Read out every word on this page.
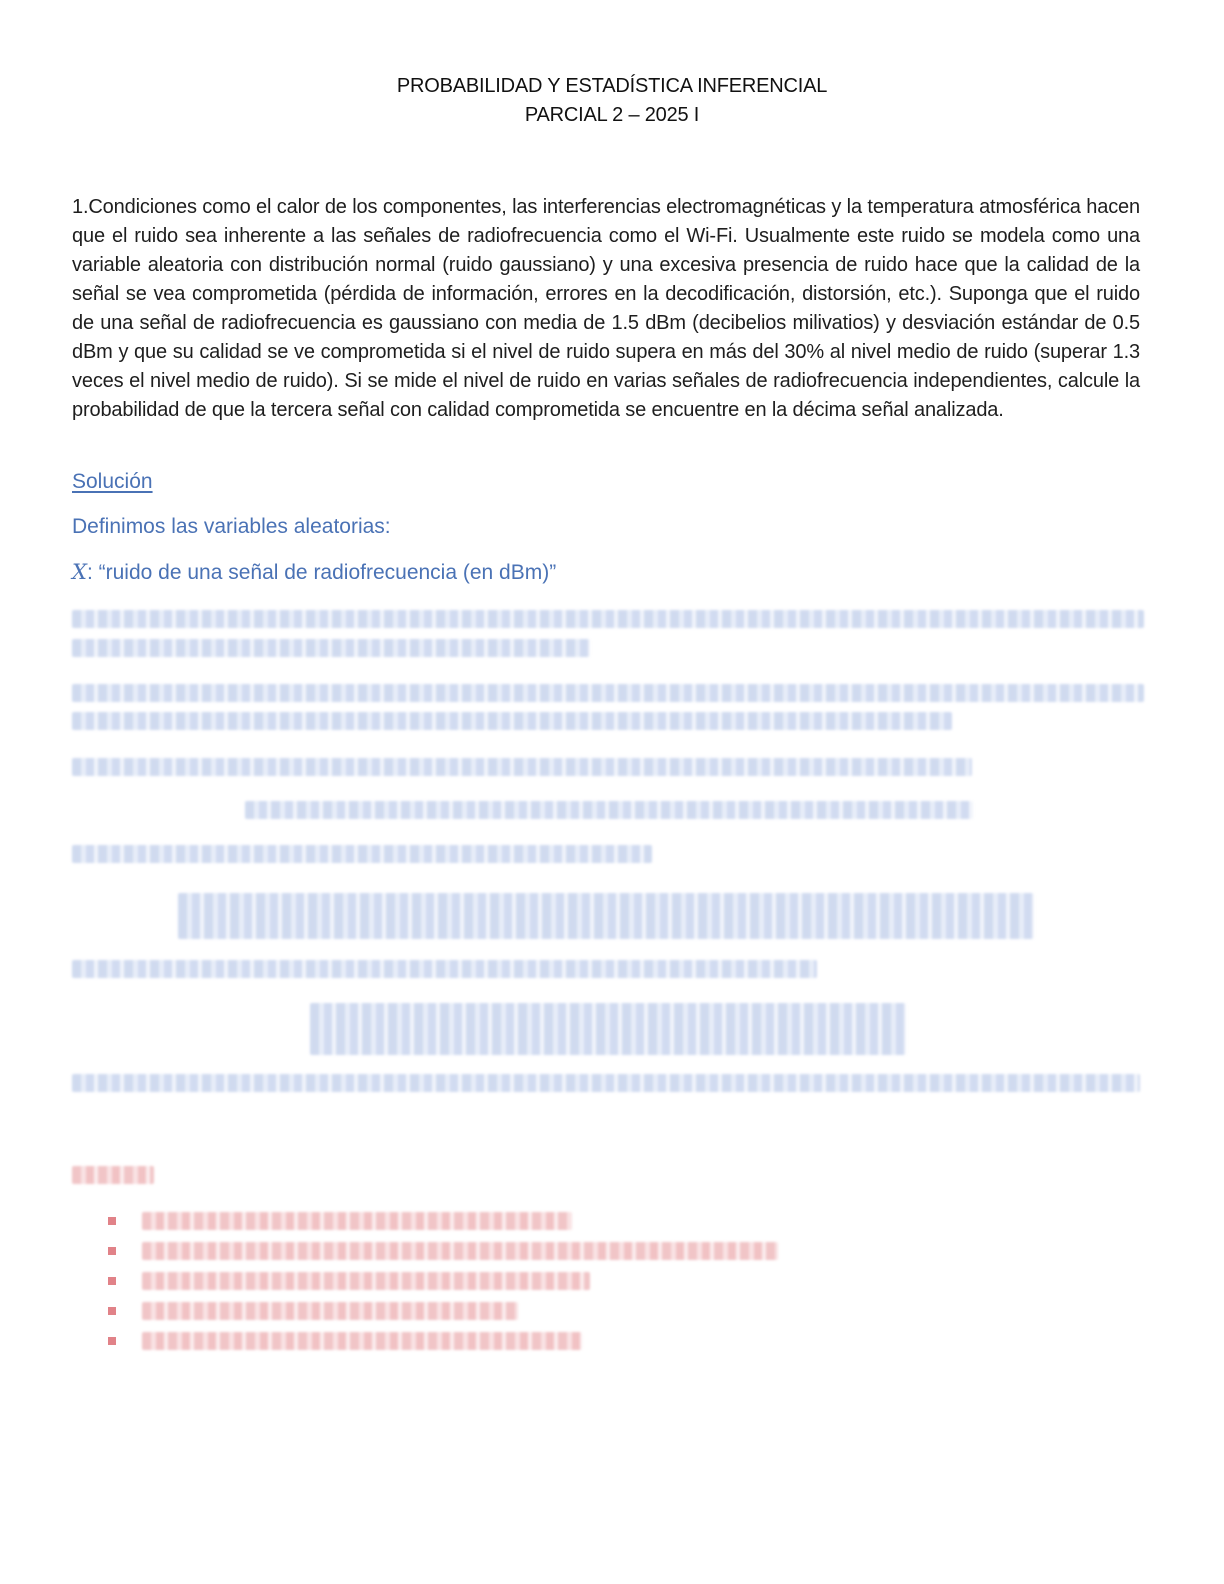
PROBABILIDAD Y ESTADÍSTICA INFERENCIAL
PARCIAL 2 – 2025 I
1.Condiciones como el calor de los componentes, las interferencias electromagnéticas y la temperatura atmosférica hacen que el ruido sea inherente a las señales de radiofrecuencia como el Wi-Fi. Usualmente este ruido se modela como una variable aleatoria con distribución normal (ruido gaussiano) y una excesiva presencia de ruido hace que la calidad de la señal se vea comprometida (pérdida de información, errores en la decodificación, distorsión, etc.). Suponga que el ruido de una señal de radiofrecuencia es gaussiano con media de 1.5 dBm (decibelios milivatios) y desviación estándar de 0.5 dBm y que su calidad se ve comprometida si el nivel de ruido supera en más del 30% al nivel medio de ruido (superar 1.3 veces el nivel medio de ruido). Si se mide el nivel de ruido en varias señales de radiofrecuencia independientes, calcule la probabilidad de que la tercera señal con calidad comprometida se encuentre en la décima señal analizada.
Solución
Definimos las variables aleatorias:
X: “ruido de una señal de radiofrecuencia (en dBm)”
